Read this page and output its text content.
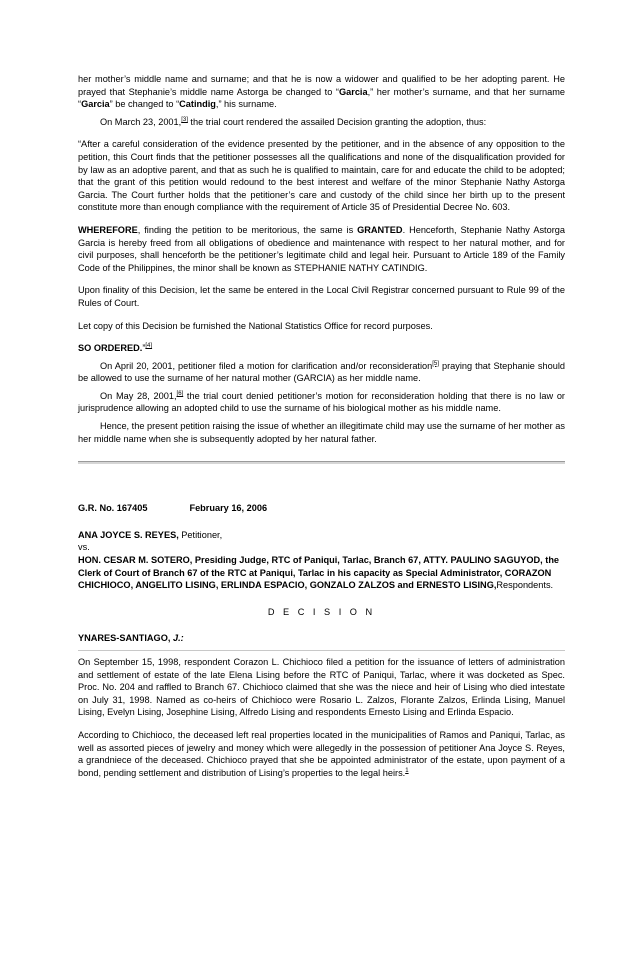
her mother’s middle name and surname; and that he is now a widower and qualified to be her adopting parent. He prayed that Stephanie’s middle name Astorga be changed to “Garcia,” her mother’s surname, and that her surname “Garcia” be changed to “Catindig,” his surname.

On March 23, 2001,[3] the trial court rendered the assailed Decision granting the adoption, thus:

“After a careful consideration of the evidence presented by the petitioner, and in the absence of any opposition to the petition, this Court finds that the petitioner possesses all the qualifications and none of the disqualification provided for by law as an adoptive parent, and that as such he is qualified to maintain, care for and educate the child to be adopted; that the grant of this petition would redound to the best interest and welfare of the minor Stephanie Nathy Astorga Garcia. The Court further holds that the petitioner’s care and custody of the child since her birth up to the present constitute more than enough compliance with the requirement of Article 35 of Presidential Decree No. 603.

WHEREFORE, finding the petition to be meritorious, the same is GRANTED. Henceforth, Stephanie Nathy Astorga Garcia is hereby freed from all obligations of obedience and maintenance with respect to her natural mother, and for civil purposes, shall henceforth be the petitioner’s legitimate child and legal heir. Pursuant to Article 189 of the Family Code of the Philippines, the minor shall be known as STEPHANIE NATHY CATINDIG.

Upon finality of this Decision, let the same be entered in the Local Civil Registrar concerned pursuant to Rule 99 of the Rules of Court.

Let copy of this Decision be furnished the National Statistics Office for record purposes.

SO ORDERED.”[4]

On April 20, 2001, petitioner filed a motion for clarification and/or reconsideration[5] praying that Stephanie should be allowed to use the surname of her natural mother (GARCIA) as her middle name.

On May 28, 2001,[6] the trial court denied petitioner’s motion for reconsideration holding that there is no law or jurisprudence allowing an adopted child to use the surname of his biological mother as his middle name.

Hence, the present petition raising the issue of whether an illegitimate child may use the surname of her mother as her middle name when she is subsequently adopted by her natural father.

G.R. No. 167405	February 16, 2006

ANA JOYCE S. REYES, Petitioner,

vs.

HON. CESAR M. SOTERO, Presiding Judge, RTC of Paniqui, Tarlac, Branch 67, ATTY. PAULINO SAGUYOD, the Clerk of Court of Branch 67 of the RTC at Paniqui, Tarlac in his capacity as Special Administrator, CORAZON CHICHIOCO, ANGELITO LISING, ERLINDA ESPACIO, GONZALO ZALZOS and ERNESTO LISING,Respondents.

D E C I S I O N

YNARES-SANTIAGO, J.:

On September 15, 1998, respondent Corazon L. Chichioco filed a petition for the issuance of letters of administration and settlement of estate of the late Elena Lising before the RTC of Paniqui, Tarlac, where it was docketed as Spec. Proc. No. 204 and raffled to Branch 67. Chichioco claimed that she was the niece and heir of Lising who died intestate on July 31, 1998. Named as co-heirs of Chichioco were Rosario L. Zalzos, Florante Zalzos, Erlinda Lising, Manuel Lising, Evelyn Lising, Josephine Lising, Alfredo Lising and respondents Ernesto Lising and Erlinda Espacio.

According to Chichioco, the deceased left real properties located in the municipalities of Ramos and Paniqui, Tarlac, as well as assorted pieces of jewelry and money which were allegedly in the possession of petitioner Ana Joyce S. Reyes, a grandniece of the deceased. Chichioco prayed that she be appointed administrator of the estate, upon payment of a bond, pending settlement and distribution of Lising’s properties to the legal heirs.$^1$
